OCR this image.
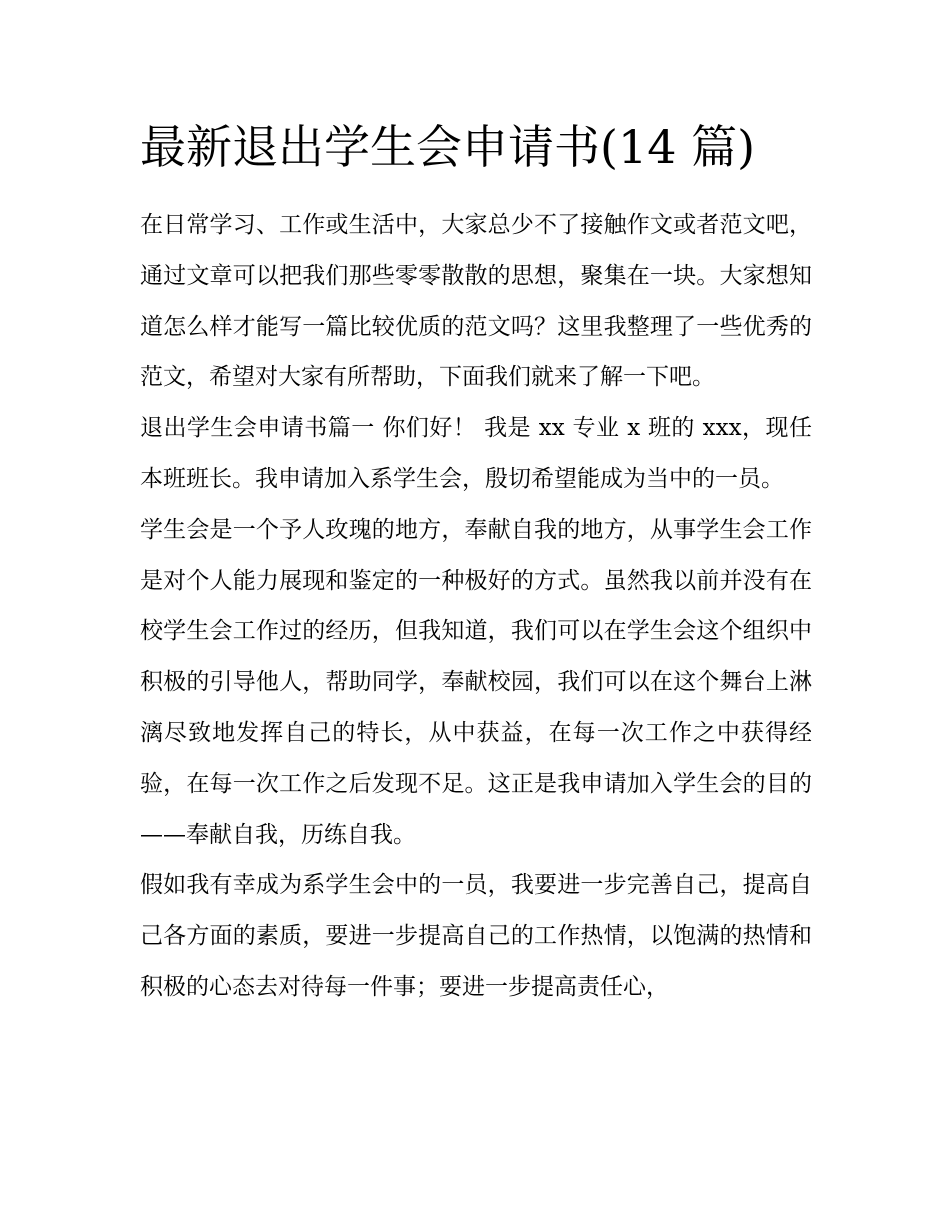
最新退出学生会申请书(14 篇)

在日常学习、工作或生活中，大家总少不了接触作文或者范文吧，通过文章可以把我们那些零零散散的思想，聚集在一块。大家想知道怎么样才能写一篇比较优质的范文吗？这里我整理了一些优秀的范文，希望对大家有所帮助，下面我们就来了解一下吧。

退出学生会申请书篇一 你们好！ 我是 xx 专业 x 班的 xxx，现任本班班长。我申请加入系学生会，殷切希望能成为当中的一员。

学生会是一个予人玫瑰的地方，奉献自我的地方，从事学生会工作是对个人能力展现和鉴定的一种极好的方式。虽然我以前并没有在校学生会工作过的经历，但我知道，我们可以在学生会这个组织中积极的引导他人，帮助同学，奉献校园，我们可以在这个舞台上淋漓尽致地发挥自己的特长，从中获益，在每一次工作之中获得经验，在每一次工作之后发现不足。这正是我申请加入学生会的目的——奉献自我，历练自我。

假如我有幸成为系学生会中的一员，我要进一步完善自己，提高自己各方面的素质，要进一步提高自己的工作热情，以饱满的热情和积极的心态去对待每一件事；要进一步提高责任心，
